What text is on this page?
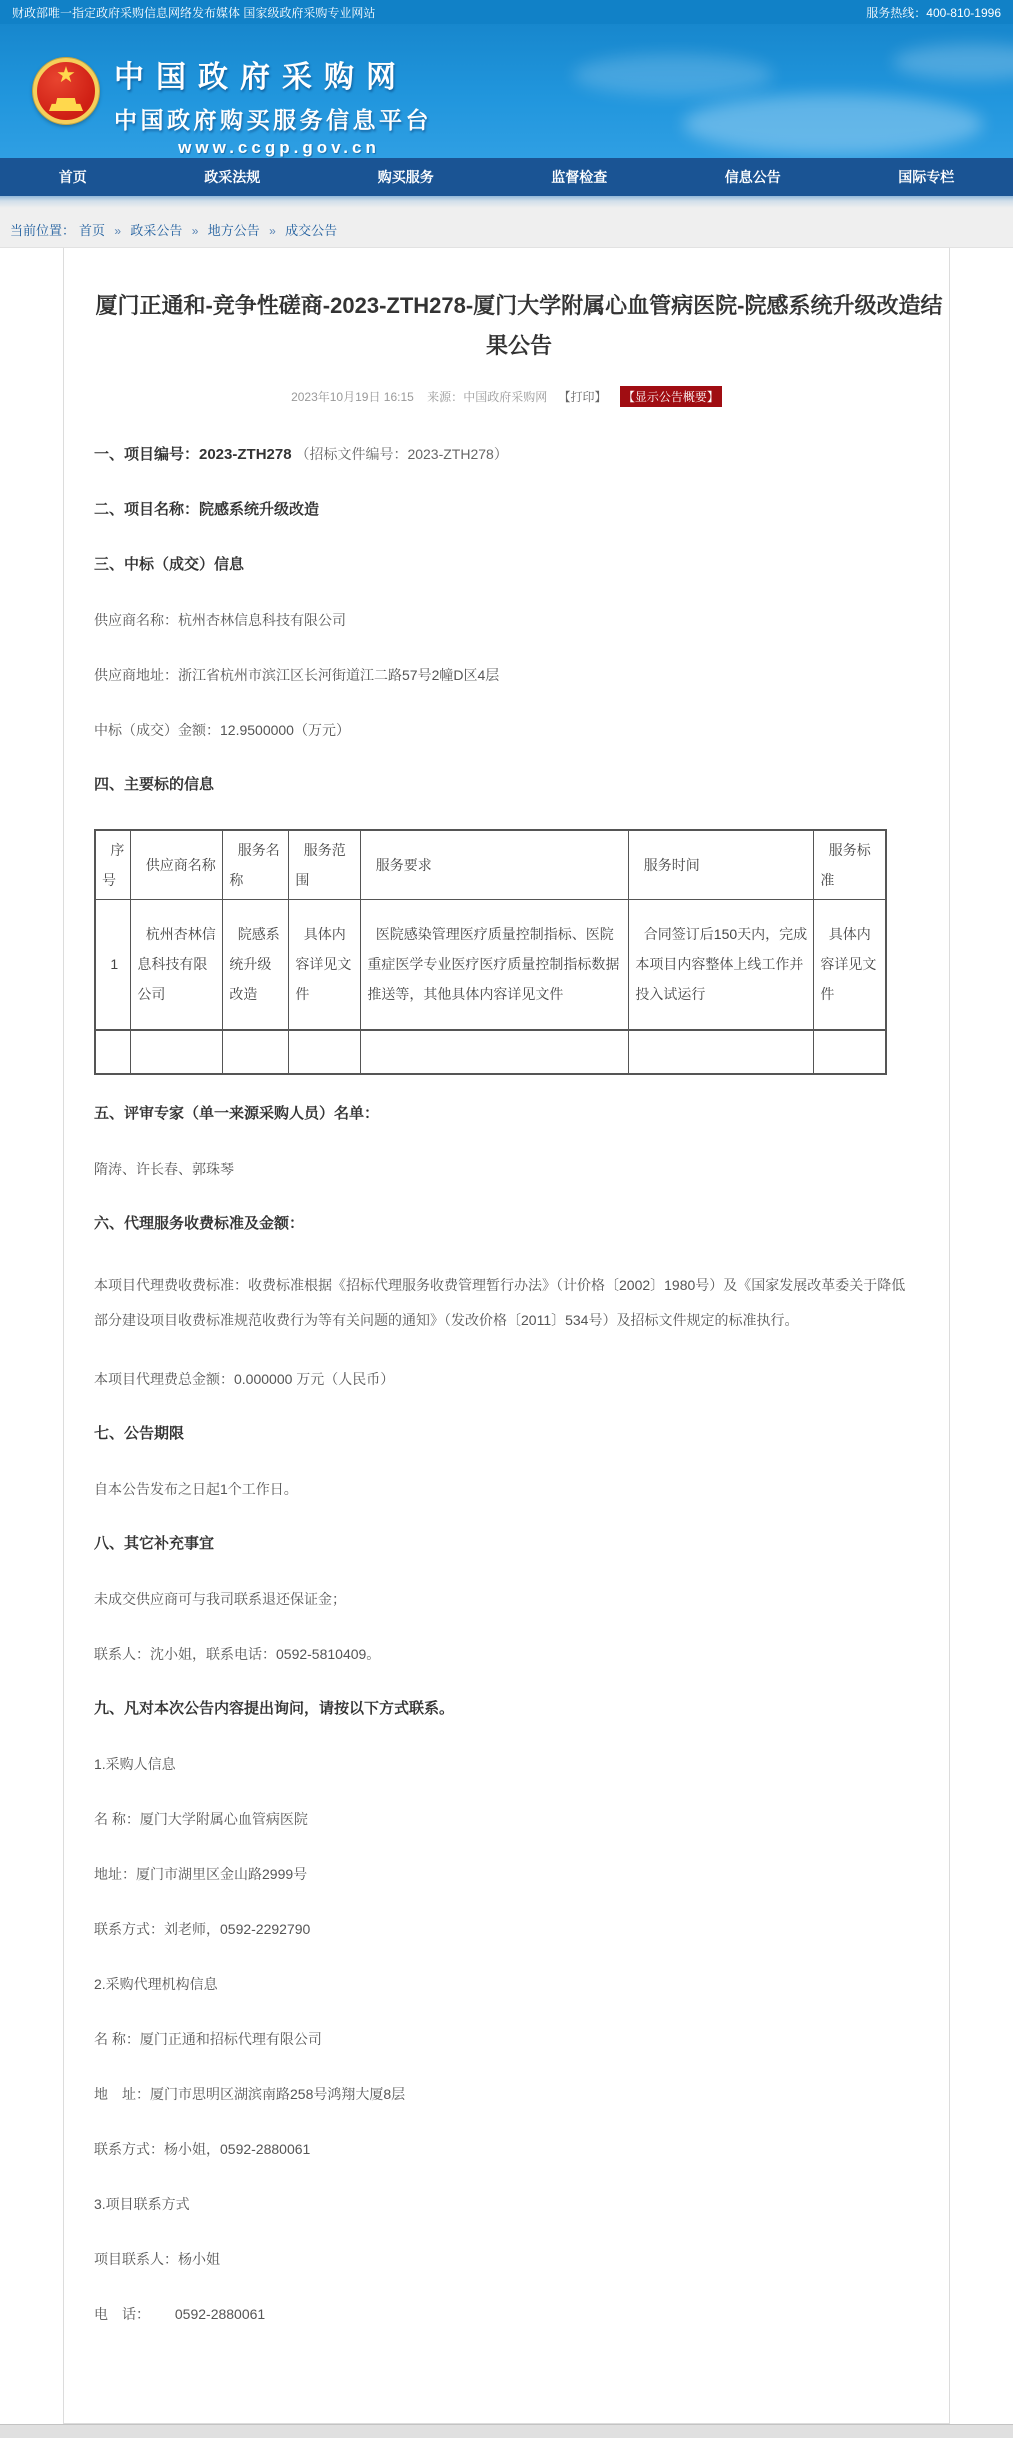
财政部唯一指定政府采购信息网络发布媒体 国家级政府采购专业网站	服务热线：400-810-1996
★ 中国政府采购网
中国政府购买服务信息平台
www.ccgp.gov.cn
首页	政采法规	购买服务	监督检查	信息公告	国际专栏
当前位置： 首页 » 政采公告 » 地方公告 » 成交公告
厦门正通和-竞争性磋商-2023-ZTH278-厦门大学附属心血管病医院-院感系统升级改造结果公告
2023年10月19日 16:15 来源：中国政府采购网 【打印】 【显示公告概要】
一、项目编号：2023-ZTH278 （招标文件编号：2023-ZTH278）
二、项目名称：院感系统升级改造
三、中标（成交）信息
供应商名称：杭州杏林信息科技有限公司
供应商地址：浙江省杭州市滨江区长河街道江二路57号2幢D区4层
中标（成交）金额：12.9500000（万元）
四、主要标的信息
序号	供应商名称	服务名称	服务范围	服务要求	服务时间	服务标准
1	杭州杏林信息科技有限公司	院感系统升级改造	具体内容详见文件	医院感染管理医疗质量控制指标、医院重症医学专业医疗医疗质量控制指标数据推送等，其他具体内容详见文件	合同签订后150天内，完成本项目内容整体上线工作并投入试运行	具体内容详见文件

五、评审专家（单一来源采购人员）名单：
隋涛、许长春、郭珠琴
六、代理服务收费标准及金额：
本项目代理费收费标准：收费标准根据《招标代理服务收费管理暂行办法》（计价格〔2002〕1980号）及《国家发展改革委关于降低部分建设项目收费标准规范收费行为等有关问题的通知》（发改价格〔2011〕534号）及招标文件规定的标准执行。
本项目代理费总金额：0.000000 万元（人民币）
七、公告期限
自本公告发布之日起1个工作日。
八、其它补充事宜
未成交供应商可与我司联系退还保证金；
联系人：沈小姐，联系电话：0592-5810409。
九、凡对本次公告内容提出询问，请按以下方式联系。
1.采购人信息
名 称：厦门大学附属心血管病医院
地址：厦门市湖里区金山路2999号
联系方式：刘老师，0592-2292790
2.采购代理机构信息
名 称：厦门正通和招标代理有限公司
地　址：厦门市思明区湖滨南路258号鸿翔大厦8层
联系方式：杨小姐，0592-2880061
3.项目联系方式
项目联系人：杨小姐
电　话：　　 0592-2880061
